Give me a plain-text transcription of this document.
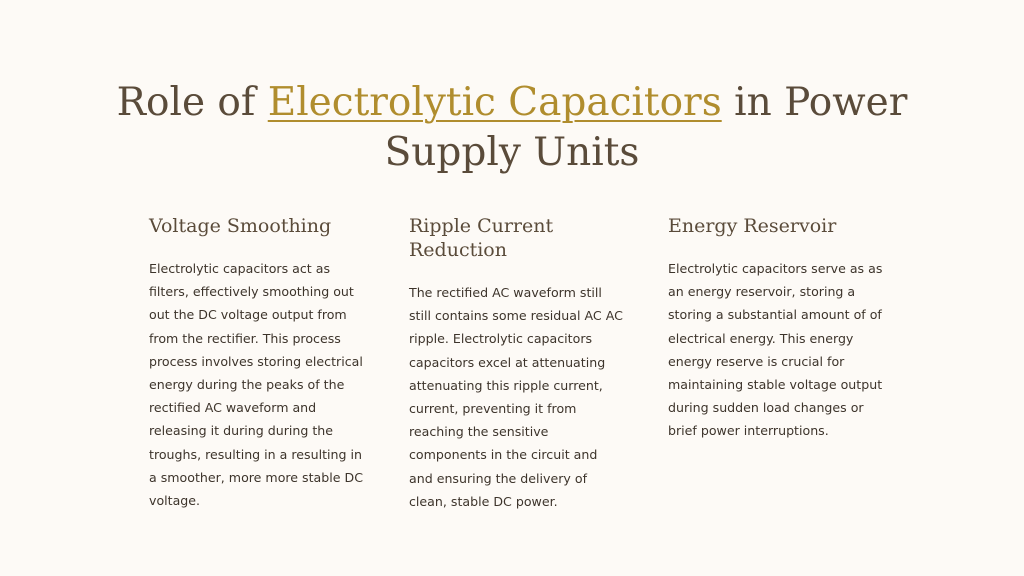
Role of Electrolytic Capacitors in Power Supply Units
Voltage Smoothing

Electrolytic capacitors act as filters, effectively smoothing out out the DC voltage output from from the rectifier. This process process involves storing electrical energy during the peaks of the rectified AC waveform and releasing it during during the troughs, resulting in a resulting in a smoother, more more stable DC voltage.

Ripple Current Reduction

The rectified AC waveform still still contains some residual AC AC ripple. Electrolytic capacitors capacitors excel at attenuating attenuating this ripple current, current, preventing it from reaching the sensitive components in the circuit and and ensuring the delivery of clean, stable DC power.

Energy Reservoir

Electrolytic capacitors serve as as an energy reservoir, storing a storing a substantial amount of of electrical energy. This energy energy reserve is crucial for maintaining stable voltage output during sudden load changes or brief power interruptions.
